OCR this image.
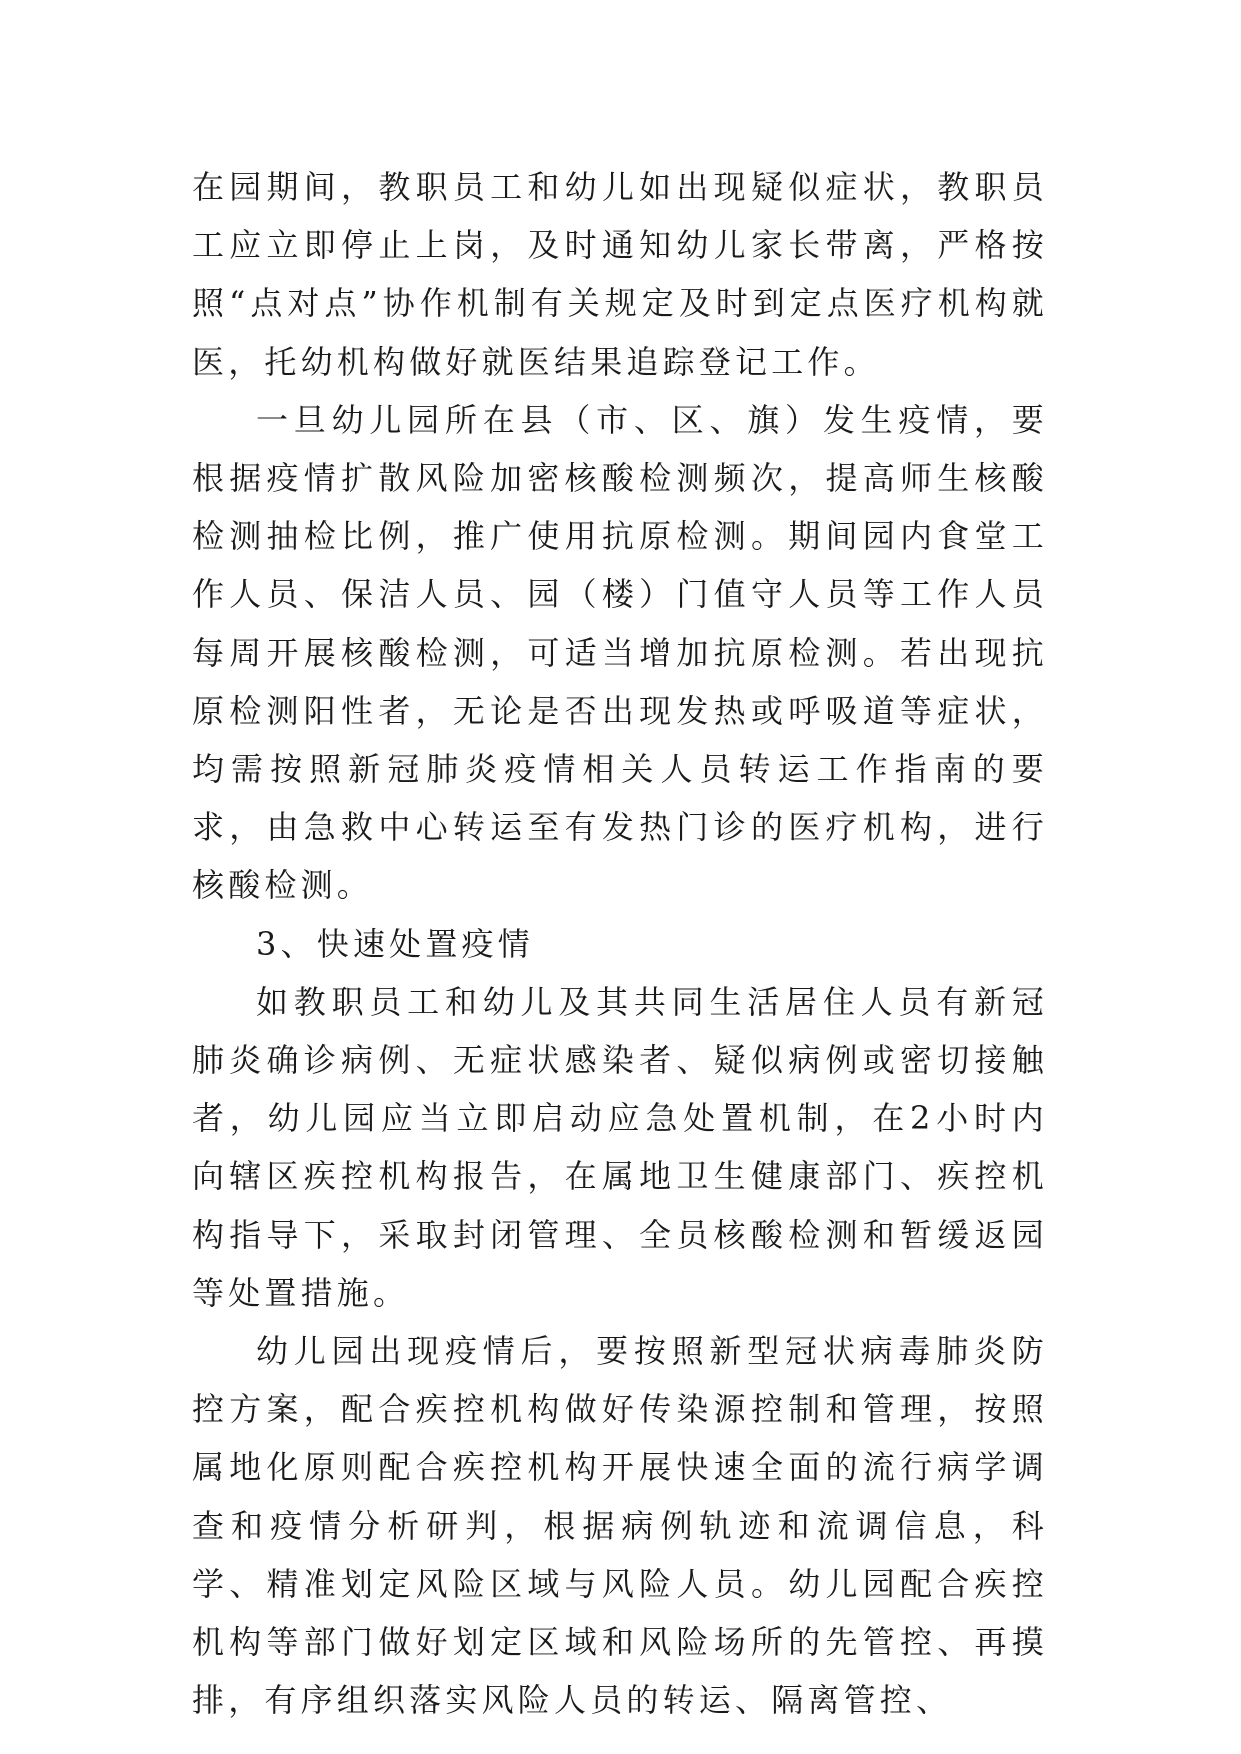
在园期间，教职员工和幼儿如出现疑似症状，教职员工应立即停止上岗，及时通知幼儿家长带离，严格按照“点对点”协作机制有关规定及时到定点医疗机构就医，托幼机构做好就医结果追踪登记工作。

一旦幼儿园所在县（市、区、旗）发生疫情，要根据疫情扩散风险加密核酸检测频次，提高师生核酸检测抽检比例，推广使用抗原检测。期间园内食堂工作人员、保洁人员、园（楼）门值守人员等工作人员每周开展核酸检测，可适当增加抗原检测。若出现抗原检测阳性者，无论是否出现发热或呼吸道等症状，均需按照新冠肺炎疫情相关人员转运工作指南的要求，由急救中心转运至有发热门诊的医疗机构，进行核酸检测。

3、快速处置疫情

如教职员工和幼儿及其共同生活居住人员有新冠肺炎确诊病例、无症状感染者、疑似病例或密切接触者，幼儿园应当立即启动应急处置机制，在2小时内向辖区疾控机构报告，在属地卫生健康部门、疾控机构指导下，采取封闭管理、全员核酸检测和暂缓返园等处置措施。

幼儿园出现疫情后，要按照新型冠状病毒肺炎防控方案，配合疾控机构做好传染源控制和管理，按照属地化原则配合疾控机构开展快速全面的流行病学调查和疫情分析研判，根据病例轨迹和流调信息，科学、精准划定风险区域与风险人员。幼儿园配合疾控机构等部门做好划定区域和风险场所的先管控、再摸排，有序组织落实风险人员的转运、隔离管控、
